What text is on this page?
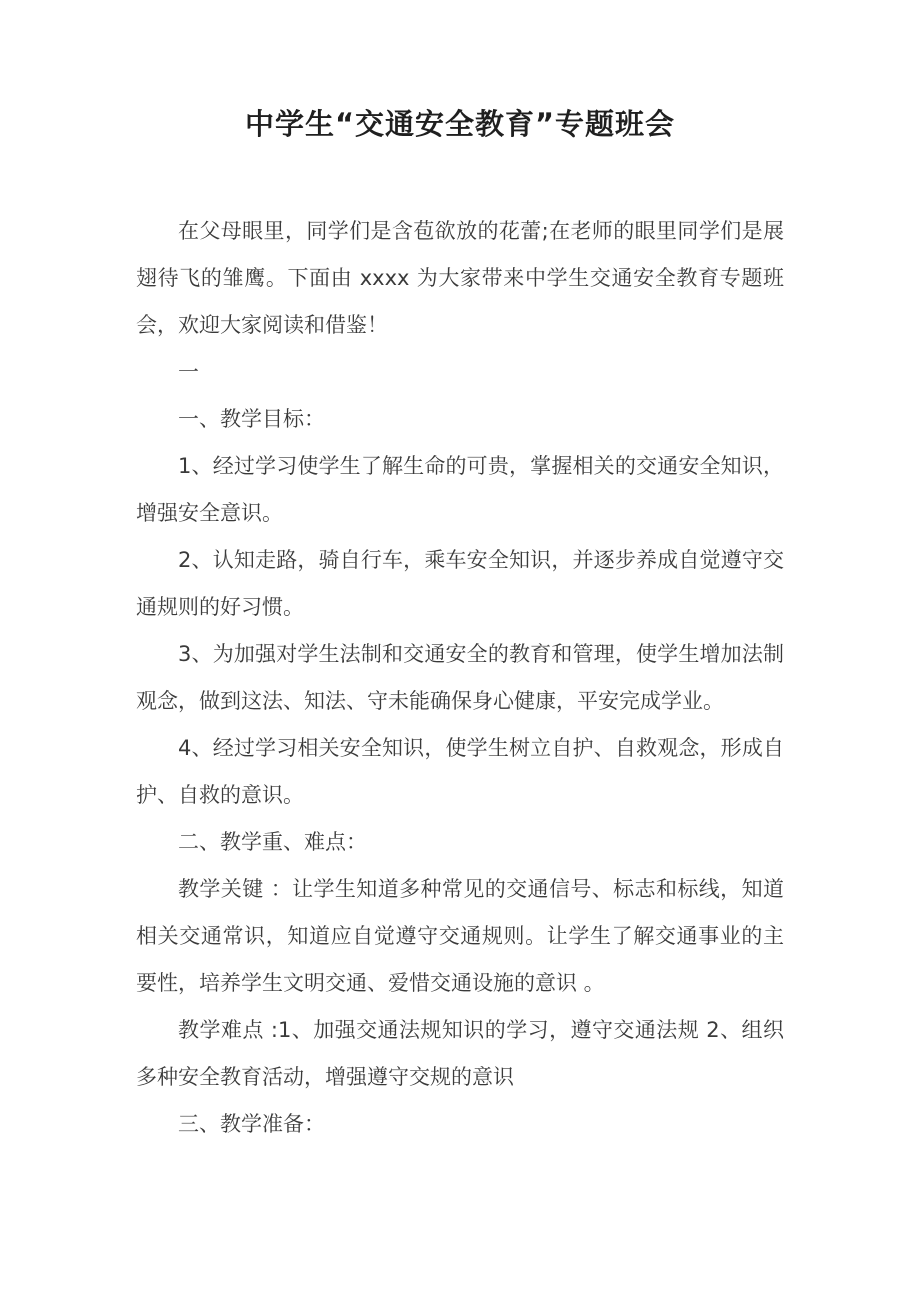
中学生“交通安全教育”专题班会

在父母眼里，同学们是含苞欲放的花蕾;在老师的眼里同学们是展翅待飞的雏鹰。下面由 xxxx 为大家带来中学生交通安全教育专题班会，欢迎大家阅读和借鉴！

一

一、教学目标：

1、经过学习使学生了解生命的可贵，掌握相关的交通安全知识，增强安全意识。

2、认知走路，骑自行车，乘车安全知识，并逐步养成自觉遵守交通规则的好习惯。

3、为加强对学生法制和交通安全的教育和管理，使学生增加法制观念，做到这法、知法、守未能确保身心健康，平安完成学业。

4、经过学习相关安全知识，使学生树立自护、自救观念，形成自护、自救的意识。

二、教学重、难点：

教学关键 ：让学生知道多种常见的交通信号、标志和标线，知道相关交通常识，知道应自觉遵守交通规则。让学生了解交通事业的主要性，培养学生文明交通、爱惜交通设施的意识 。

教学难点 :1、加强交通法规知识的学习，遵守交通法规 2、组织多种安全教育活动，增强遵守交规的意识

三、教学准备：
